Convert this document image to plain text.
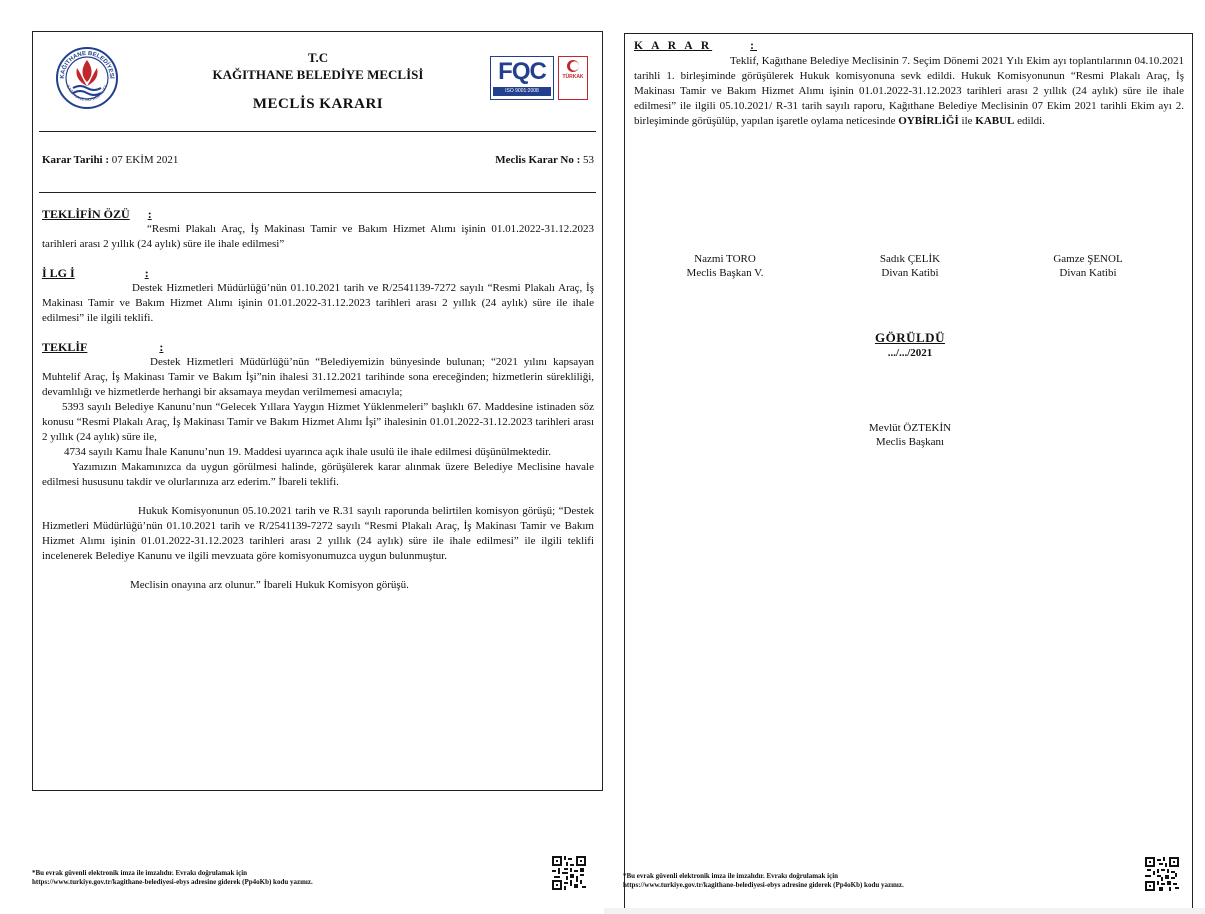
KAĞITHANE BELEDİYESİ
KAĞITHANE MUNICIPALITY
T.C
KAĞITHANE BELEDİYE MECLİSİ
MECLİS KARARI
FQC
ISO 9001:2008
TÜRKAK
Karar Tarihi : 07 EKİM 2021	Meclis Karar No : 53
TEKLİFİN ÖZÜ :

“Resmi Plakalı Araç, İş Makinası Tamir ve Bakım Hizmet Alımı işinin 01.01.2022-31.12.2023 tarihleri arası 2 yıllık (24 aylık) süre ile ihale edilmesi”

İ LG İ	:

Destek Hizmetleri Müdürlüğü’nün 01.10.2021 tarih ve R/2541139-7272 sayılı “Resmi Plakalı Araç, İş Makinası Tamir ve Bakım Hizmet Alımı işinin 01.01.2022-31.12.2023 tarihleri arası 2 yıllık (24 aylık) süre ile ihale edilmesi” ile ilgili teklifi.

TEKLİF	:

Destek Hizmetleri Müdürlüğü’nün “Belediyemizin bünyesinde bulunan; “2021 yılını kapsayan Muhtelif Araç, İş Makinası Tamir ve Bakım İşi”nin ihalesi 31.12.2021 tarihinde sona ereceğinden; hizmetlerin sürekliliği, devamlılığı ve hizmetlerde herhangi bir aksamaya meydan verilmemesi amacıyla;

5393 sayılı Belediye Kanunu’nun “Gelecek Yıllara Yaygın Hizmet Yüklenmeleri” başlıklı 67. Maddesine istinaden söz konusu “Resmi Plakalı Araç, İş Makinası Tamir ve Bakım Hizmet Alımı İşi” ihalesinin 01.01.2022-31.12.2023 tarihleri arası 2 yıllık (24 aylık) süre ile,

4734 sayılı Kamu İhale Kanunu’nun 19. Maddesi uyarınca açık ihale usulü ile ihale edilmesi düşünülmektedir.

Yazımızın Makamınızca da uygun görülmesi halinde, görüşülerek karar alınmak üzere Belediye Meclisine havale edilmesi hususunu takdir ve olurlarınıza arz ederim.” İbareli teklifi.

Hukuk Komisyonunun 05.10.2021 tarih ve R.31 sayılı raporunda belirtilen komisyon görüşü; “Destek Hizmetleri Müdürlüğü’nün 01.10.2021 tarih ve R/2541139-7272 sayılı “Resmi Plakalı Araç, İş Makinası Tamir ve Bakım Hizmet Alımı işinin 01.01.2022-31.12.2023 tarihleri arası 2 yıllık (24 aylık) süre ile ihale edilmesi” ile ilgili teklifi incelenerek Belediye Kanunu ve ilgili mevzuata göre komisyonumuzca uygun bulunmuştur.

Meclisin onayına arz olunur.” İbareli Hukuk Komisyon görüşü.

*Bu evrak güvenli elektronik imza ile imzalıdır. Evrakı doğrulamak için
https://www.turkiye.gov.tr/kagithane-belediyesi-ebys adresine giderek (Pp4oKb) kodu yazınız.
K A R A R	:

Teklif, Kağıthane Belediye Meclisinin 7. Seçim Dönemi 2021 Yılı Ekim ayı toplantılarının 04.10.2021 tarihli 1. birleşiminde görüşülerek Hukuk komisyonuna sevk edildi. Hukuk Komisyonunun “Resmi Plakalı Araç, İş Makinası Tamir ve Bakım Hizmet Alımı işinin 01.01.2022-31.12.2023 tarihleri arası 2 yıllık (24 aylık) süre ile ihale edilmesi” ile ilgili 05.10.2021/ R-31 tarih sayılı raporu, Kağıthane Belediye Meclisinin 07 Ekim 2021 tarihli Ekim ayı 2. birleşiminde görüşülüp, yapılan işaretle oylama neticesinde OYBİRLİĞİ ile KABUL edildi.

Nazmi TORO
Meclis Başkan V.
Sadık ÇELİK
Divan Katibi
Gamze ŞENOL
Divan Katibi
GÖRÜLDÜ
.../.../2021
Mevlüt ÖZTEKİN
Meclis Başkanı
*Bu evrak güvenli elektronik imza ile imzalıdır. Evrakı doğrulamak için
https://www.turkiye.gov.tr/kagithane-belediyesi-ebys adresine giderek (Pp4oKb) kodu yazınız.
